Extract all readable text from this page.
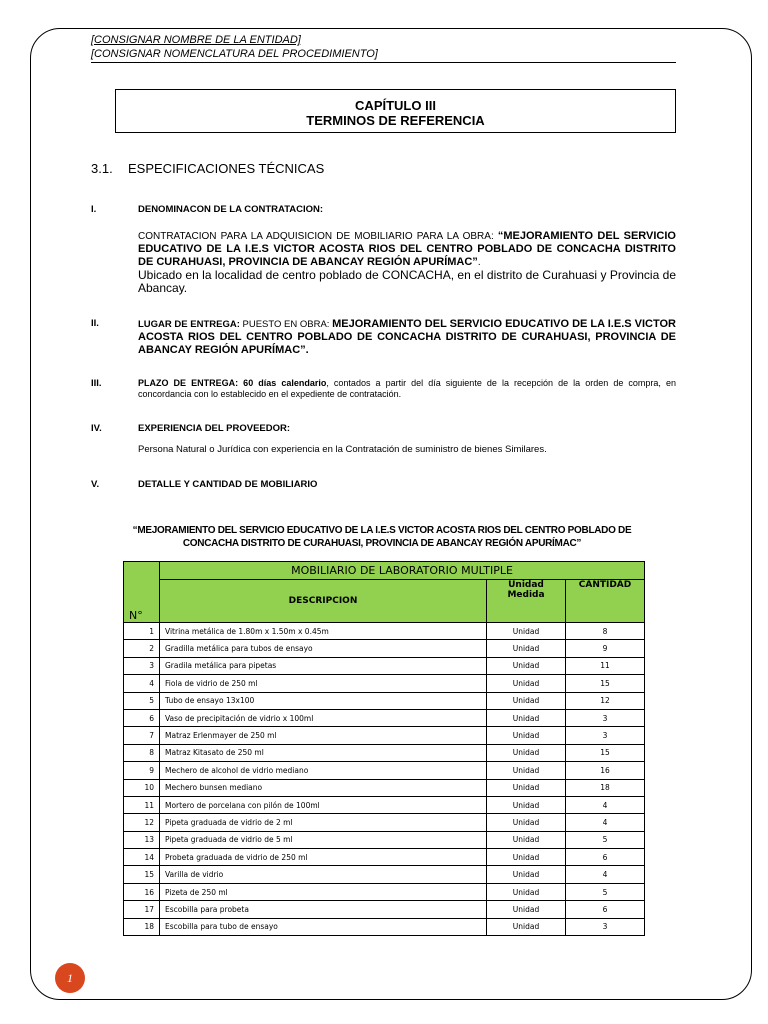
[CONSIGNAR NOMBRE DE LA ENTIDAD]
[CONSIGNAR NOMENCLATURA DEL PROCEDIMIENTO]
CAPÍTULO III
TERMINOS DE REFERENCIA
3.1. ESPECIFICACIONES TÉCNICAS
I.	DENOMINACON DE LA CONTRATACION:
CONTRATACION PARA LA ADQUISICION DE MOBILIARIO PARA LA OBRA: “MEJORAMIENTO DEL SERVICIO EDUCATIVO DE LA I.E.S VICTOR ACOSTA RIOS DEL CENTRO POBLADO DE CONCACHA DISTRITO DE CURAHUASI, PROVINCIA DE ABANCAY REGIÓN APURÍMAC”.
Ubicado en la localidad de centro poblado de CONCACHA, en el distrito de Curahuasi y Provincia de Abancay.
II.	LUGAR DE ENTREGA: PUESTO EN OBRA: MEJORAMIENTO DEL SERVICIO EDUCATIVO DE LA I.E.S VICTOR ACOSTA RIOS DEL CENTRO POBLADO DE CONCACHA DISTRITO DE CURAHUASI, PROVINCIA DE ABANCAY REGIÓN APURÍMAC”.
III.	PLAZO DE ENTREGA: 60 días calendario, contados a partir del día siguiente de la recepción de la orden de compra, en concordancia con lo establecido en el expediente de contratación.
IV.	EXPERIENCIA DEL PROVEEDOR:
Persona Natural o Jurídica con experiencia en la Contratación de suministro de bienes Similares.
V.	DETALLE Y CANTIDAD DE MOBILIARIO
“MEJORAMIENTO DEL SERVICIO EDUCATIVO DE LA I.E.S VICTOR ACOSTA RIOS DEL CENTRO POBLADO DE CONCACHA DISTRITO DE CURAHUASI, PROVINCIA DE ABANCAY REGIÓN APURÍMAC”
	MOBILIARIO DE LABORATORIO MULTIPLE		
N°	DESCRIPCION	Unidad Medida	CANTIDAD
1	Vitrina metálica de 1.80m x 1.50m x 0.45m	Unidad	8
2	Gradilla metálica para tubos de ensayo	Unidad	9
3	Gradila metálica para pipetas	Unidad	11
4	Fiola de vidrio de 250 ml	Unidad	15
5	Tubo de ensayo 13x100	Unidad	12
6	Vaso de precipitación de vidrio x 100ml	Unidad	3
7	Matraz Erlenmayer de 250 ml	Unidad	3
8	Matraz Kitasato de 250 ml	Unidad	15
9	Mechero de alcohol de vidrio mediano	Unidad	16
10	Mechero bunsen mediano	Unidad	18
11	Mortero de porcelana con pilón de 100ml	Unidad	4
12	Pipeta graduada de vidrio de 2 ml	Unidad	4
13	Pipeta graduada de vidrio de 5 ml	Unidad	5
14	Probeta graduada de vidrio de 250 ml	Unidad	6
15	Varilla de vidrio	Unidad	4
16	Pizeta de 250 ml	Unidad	5
17	Escobilla para probeta	Unidad	6
18	Escobilla para tubo de ensayo	Unidad	3
1
